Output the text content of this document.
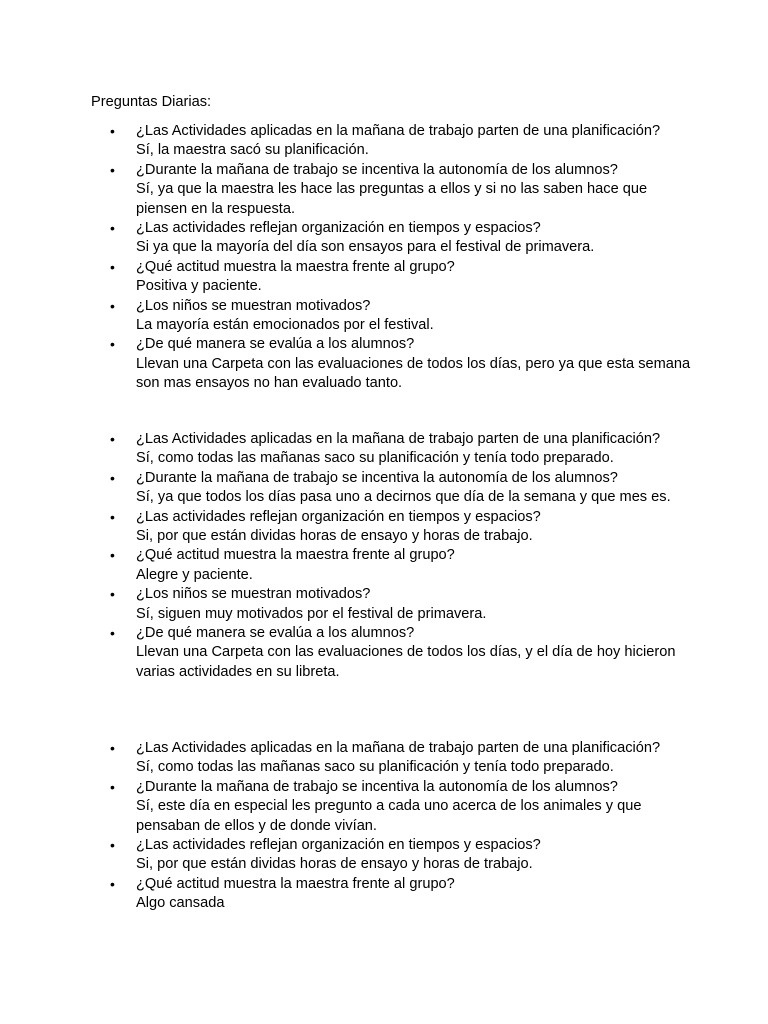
Preguntas Diarias:
•	¿Las Actividades aplicadas en la mañana de trabajo parten de una planificación?
Sí, la maestra sacó su planificación.
•	¿Durante la mañana de trabajo se incentiva la autonomía de los alumnos?
Sí, ya que la maestra les hace las preguntas a ellos y si no las saben hace que piensen en la respuesta.
•	¿Las actividades reflejan organización en tiempos y espacios?
Si ya que la mayoría del día son ensayos para el festival de primavera.
•	¿Qué actitud muestra la maestra frente al grupo?
Positiva y paciente.
•	¿Los niños se muestran motivados?
La mayoría están emocionados por el festival.
•	¿De qué manera se evalúa a los alumnos?
Llevan una Carpeta con las evaluaciones de todos los días, pero ya que esta semana son mas ensayos no han evaluado tanto.
•	¿Las Actividades aplicadas en la mañana de trabajo parten de una planificación?
Sí, como todas las mañanas saco su planificación y tenía todo preparado.
•	¿Durante la mañana de trabajo se incentiva la autonomía de los alumnos?
Sí, ya que todos los días pasa uno a decirnos que día de la semana y que mes es.
•	¿Las actividades reflejan organización en tiempos y espacios?
Si, por que están dividas horas de ensayo y horas de trabajo.
•	¿Qué actitud muestra la maestra frente al grupo?
Alegre y paciente.
•	¿Los niños se muestran motivados?
Sí, siguen muy motivados por el festival de primavera.
•	¿De qué manera se evalúa a los alumnos?
Llevan una Carpeta con las evaluaciones de todos los días, y el día de hoy hicieron varias actividades en su libreta.
•	¿Las Actividades aplicadas en la mañana de trabajo parten de una planificación?
Sí, como todas las mañanas saco su planificación y tenía todo preparado.
•	¿Durante la mañana de trabajo se incentiva la autonomía de los alumnos?
Sí, este día en especial les pregunto a cada uno acerca de los animales y que pensaban de ellos y de donde vivían.
•	¿Las actividades reflejan organización en tiempos y espacios?
Si, por que están dividas horas de ensayo y horas de trabajo.
•	¿Qué actitud muestra la maestra frente al grupo?
Algo cansada
